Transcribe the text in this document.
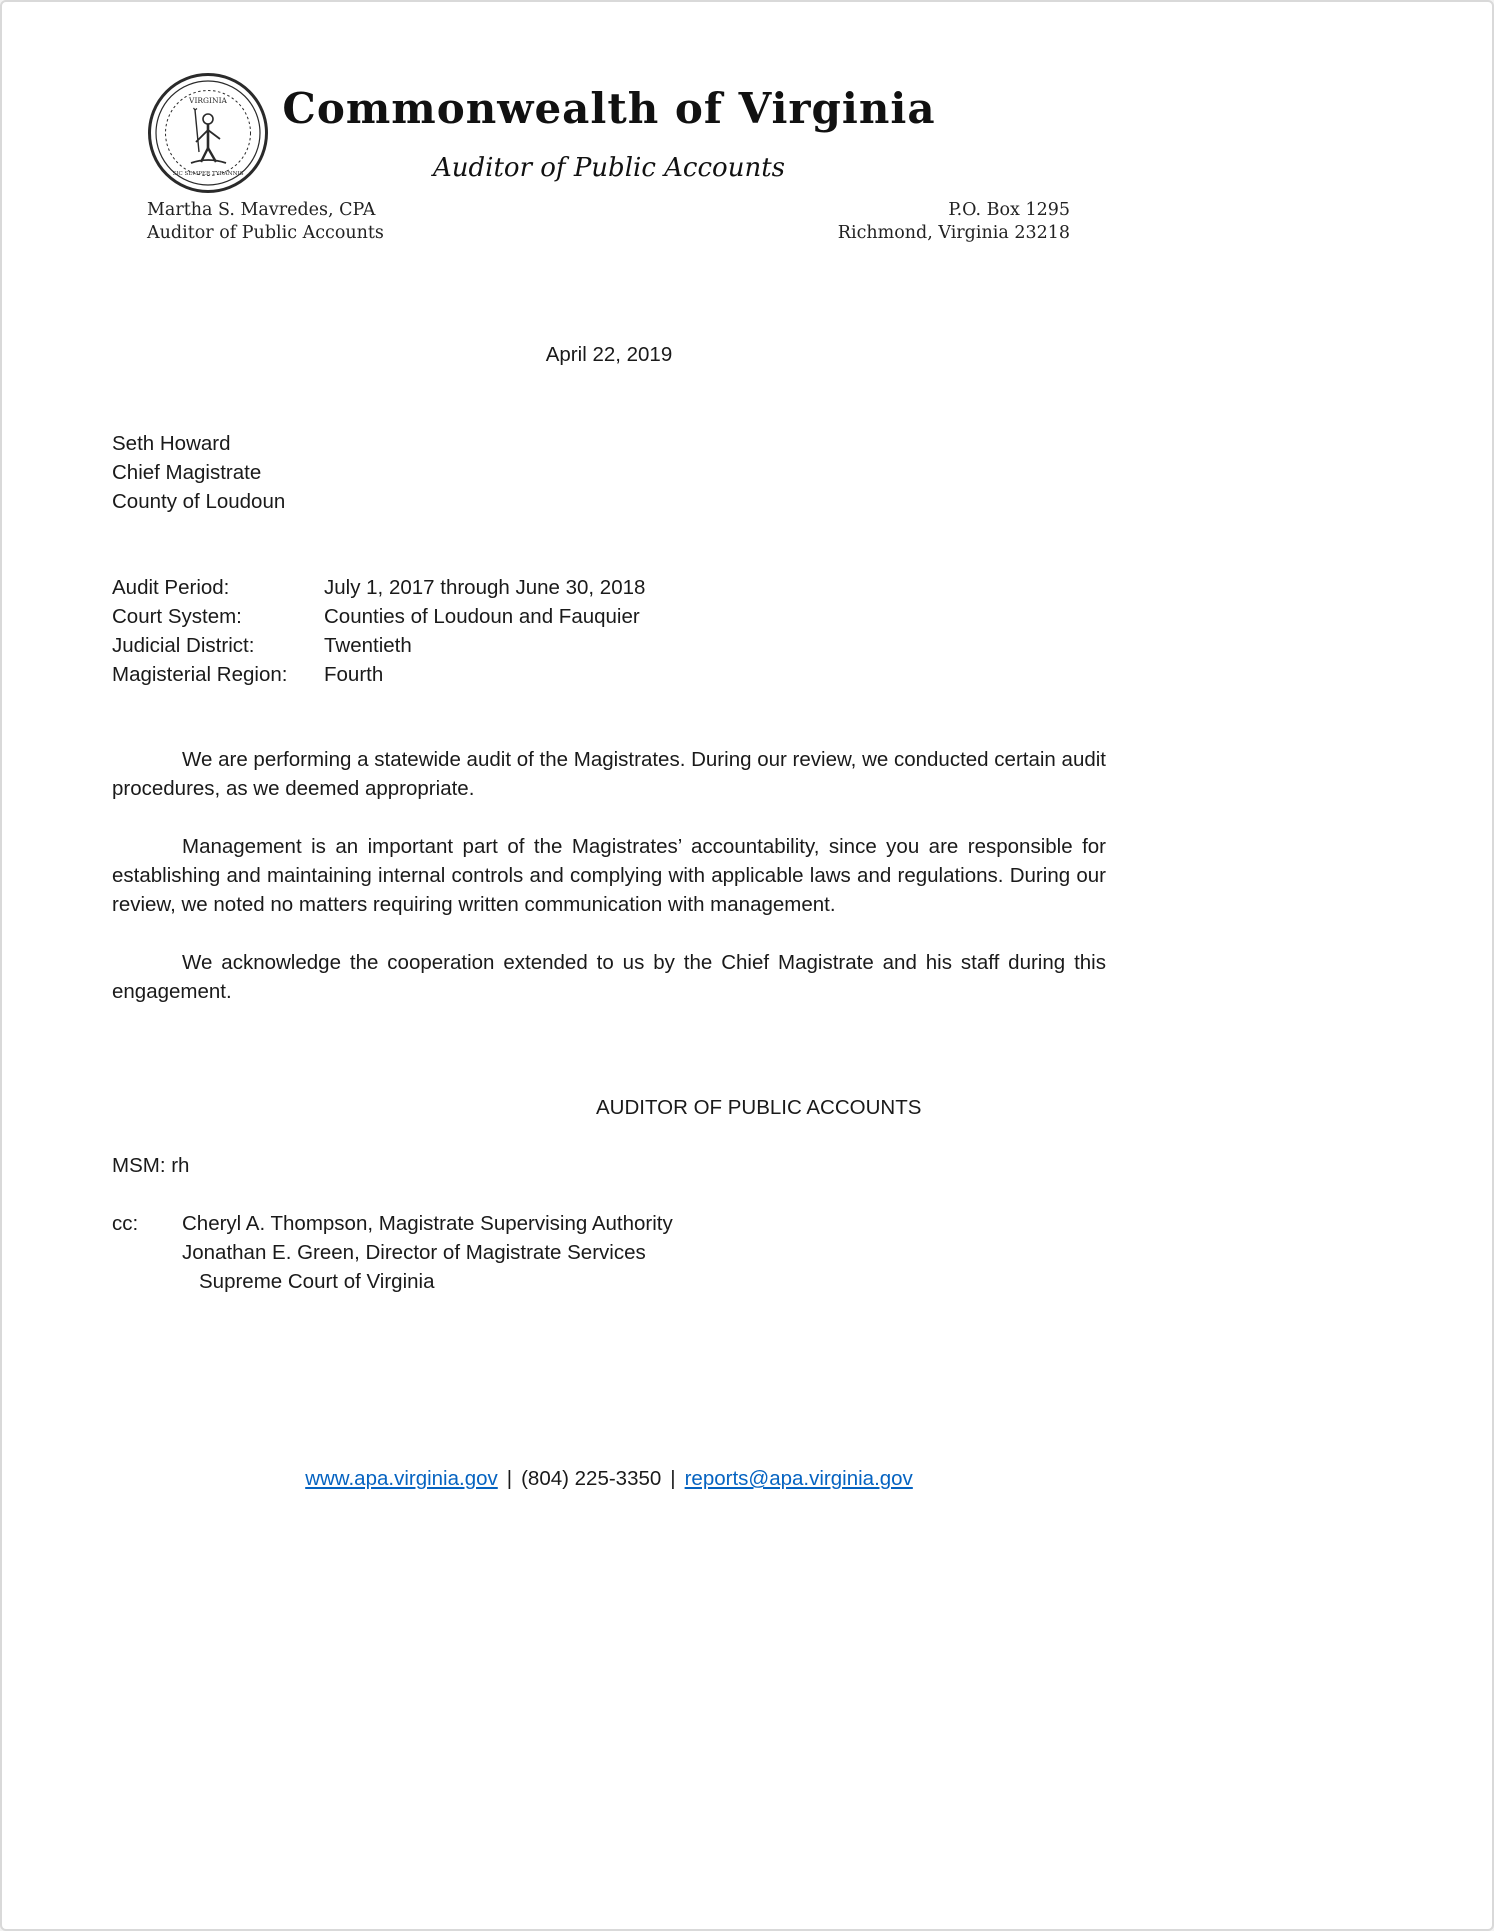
VIRGINIA
SIC SEMPER TYRANNIS
Commonwealth of Virginia
Auditor of Public Accounts
Martha S. Mavredes, CPA
Auditor of Public Accounts
P.O. Box 1295
Richmond, Virginia 23218
April 22, 2019
Seth Howard
Chief Magistrate
County of Loudoun
Audit Period:	July 1, 2017 through June 30, 2018
Court System:	Counties of Loudoun and Fauquier
Judicial District:	Twentieth
Magisterial Region:	Fourth

We are performing a statewide audit of the Magistrates. During our review, we conducted certain audit procedures, as we deemed appropriate.

Management is an important part of the Magistrates’ accountability, since you are responsible for establishing and maintaining internal controls and complying with applicable laws and regulations. During our review, we noted no matters requiring written communication with management.

We acknowledge the cooperation extended to us by the Chief Magistrate and his staff during this engagement.

AUDITOR OF PUBLIC ACCOUNTS
MSM: rh
cc:	Cheryl A. Thompson, Magistrate Supervising Authority
Jonathan E. Green, Director of Magistrate Services
Supreme Court of Virginia
www.apa.virginia.gov | (804) 225-3350 | reports@apa.virginia.gov
